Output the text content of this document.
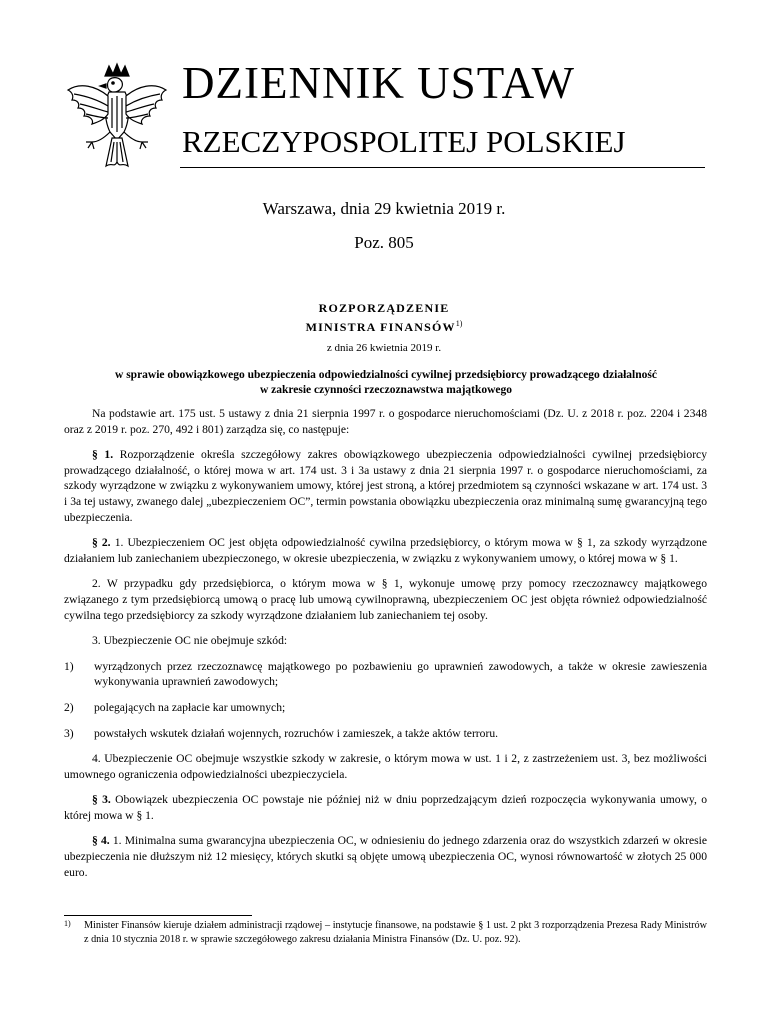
DZIENNIK USTAW
RZECZYPOSPOLITEJ POLSKIEJ
Warszawa, dnia 29 kwietnia 2019 r.
Poz. 805
ROZPORZĄDZENIE
MINISTRA FINANSÓW$^{1)}$
z dnia 26 kwietnia 2019 r.
w sprawie obowiązkowego ubezpieczenia odpowiedzialności cywilnej przedsiębiorcy prowadzącego działalność
w zakresie czynności rzeczoznawstwa majątkowego

Na podstawie art. 175 ust. 5 ustawy z dnia 21 sierpnia 1997 r. o gospodarce nieruchomościami (Dz. U. z 2018 r. poz. 2204 i 2348 oraz z 2019 r. poz. 270, 492 i 801) zarządza się, co następuje:

§ 1. Rozporządzenie określa szczegółowy zakres obowiązkowego ubezpieczenia odpowiedzialności cywilnej przedsiębiorcy prowadzącego działalność, o której mowa w art. 174 ust. 3 i 3a ustawy z dnia 21 sierpnia 1997 r. o gospodarce nieruchomościami, za szkody wyrządzone w związku z wykonywaniem umowy, której jest stroną, a której przedmiotem są czynności wskazane w art. 174 ust. 3 i 3a tej ustawy, zwanego dalej „ubezpieczeniem OC”, termin powstania obowiązku ubezpieczenia oraz minimalną sumę gwarancyjną tego ubezpieczenia.

§ 2. 1. Ubezpieczeniem OC jest objęta odpowiedzialność cywilna przedsiębiorcy, o którym mowa w § 1, za szkody wyrządzone działaniem lub zaniechaniem ubezpieczonego, w okresie ubezpieczenia, w związku z wykonywaniem umowy, o której mowa w § 1.

2. W przypadku gdy przedsiębiorca, o którym mowa w § 1, wykonuje umowę przy pomocy rzeczoznawcy majątkowego związanego z tym przedsiębiorcą umową o pracę lub umową cywilnoprawną, ubezpieczeniem OC jest objęta również odpowiedzialność cywilna tego przedsiębiorcy za szkody wyrządzone działaniem lub zaniechaniem tej osoby.

3. Ubezpieczenie OC nie obejmuje szkód:

1) wyrządzonych przez rzeczoznawcę majątkowego po pozbawieniu go uprawnień zawodowych, a także w okresie zawieszenia wykonywania uprawnień zawodowych;

2) polegających na zapłacie kar umownych;

3) powstałych wskutek działań wojennych, rozruchów i zamieszek, a także aktów terroru.

4. Ubezpieczenie OC obejmuje wszystkie szkody w zakresie, o którym mowa w ust. 1 i 2, z zastrzeżeniem ust. 3, bez możliwości umownego ograniczenia odpowiedzialności ubezpieczyciela.

§ 3. Obowiązek ubezpieczenia OC powstaje nie później niż w dniu poprzedzającym dzień rozpoczęcia wykonywania umowy, o której mowa w § 1.

§ 4. 1. Minimalna suma gwarancyjna ubezpieczenia OC, w odniesieniu do jednego zdarzenia oraz do wszystkich zdarzeń w okresie ubezpieczenia nie dłuższym niż 12 miesięcy, których skutki są objęte umową ubezpieczenia OC, wynosi równowartość w złotych 25 000 euro.

1) Minister Finansów kieruje działem administracji rządowej – instytucje finansowe, na podstawie § 1 ust. 2 pkt 3 rozporządzenia Prezesa Rady Ministrów z dnia 10 stycznia 2018 r. w sprawie szczegółowego zakresu działania Ministra Finansów (Dz. U. poz. 92).
